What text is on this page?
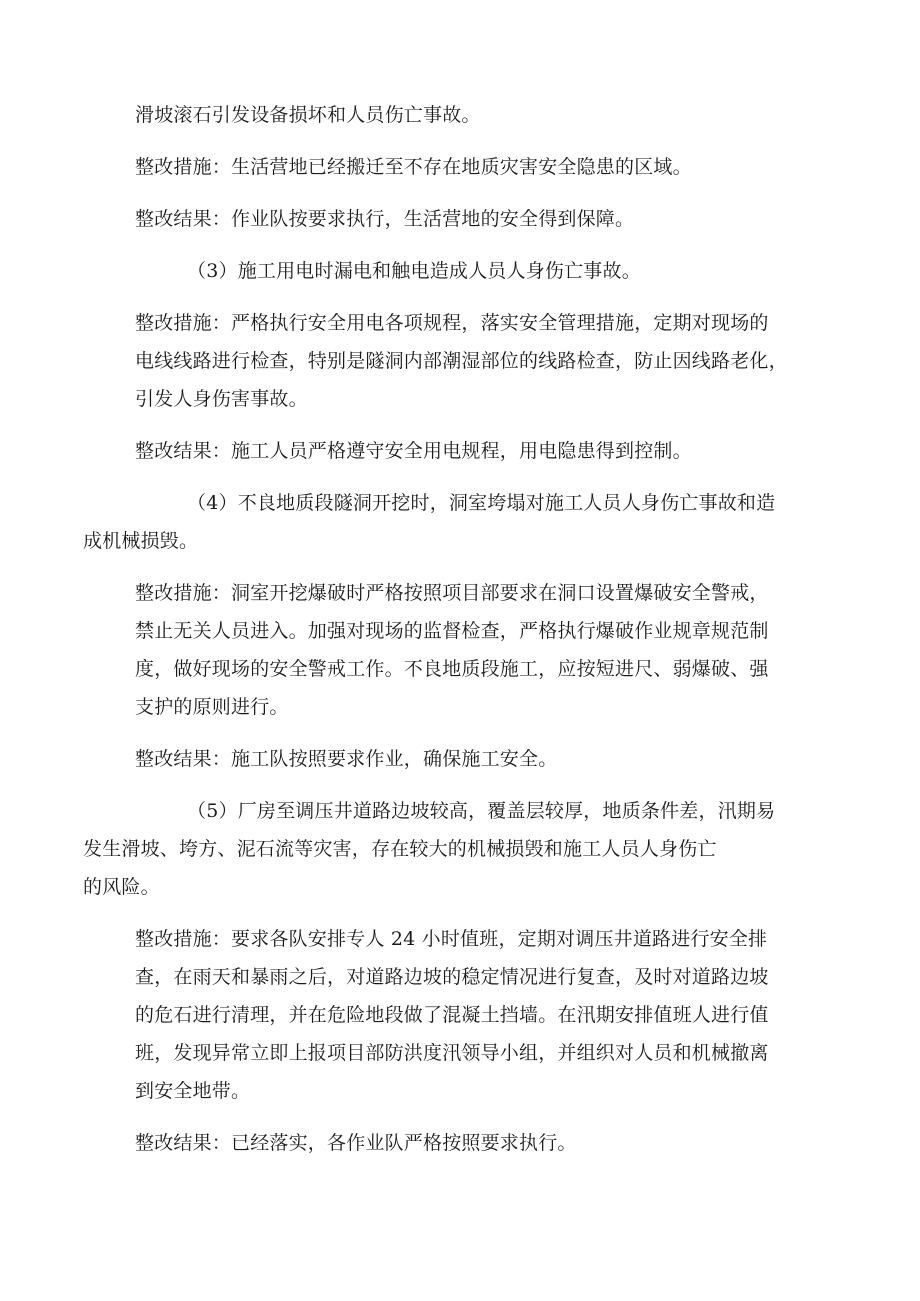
滑坡滚石引发设备损坏和人员伤亡事故。

整改措施：生活营地已经搬迁至不存在地质灾害安全隐患的区域。

整改结果：作业队按要求执行，生活营地的安全得到保障。

（3）施工用电时漏电和触电造成人员人身伤亡事故。

整改措施：严格执行安全用电各项规程，落实安全管理措施，定期对现场的
电线线路进行检查，特别是隧洞内部潮湿部位的线路检查，防止因线路老化，
引发人身伤害事故。

整改结果：施工人员严格遵守安全用电规程，用电隐患得到控制。

（4）不良地质段隧洞开挖时，洞室垮塌对施工人员人身伤亡事故和造
成机械损毁。

整改措施：洞室开挖爆破时严格按照项目部要求在洞口设置爆破安全警戒，
禁止无关人员进入。加强对现场的监督检查，严格执行爆破作业规章规范制
度，做好现场的安全警戒工作。不良地质段施工，应按短进尺、弱爆破、强
支护的原则进行。

整改结果：施工队按照要求作业，确保施工安全。

（5）厂房至调压井道路边坡较高，覆盖层较厚，地质条件差，汛期易
发生滑坡、垮方、泥石流等灾害，存在较大的机械损毁和施工人员人身伤亡
的风险。

整改措施：要求各队安排专人 24 小时值班，定期对调压井道路进行安全排
查，在雨天和暴雨之后，对道路边坡的稳定情况进行复查，及时对道路边坡
的危石进行清理，并在危险地段做了混凝土挡墙。在汛期安排值班人进行值
班，发现异常立即上报项目部防洪度汛领导小组，并组织对人员和机械撤离
到安全地带。

整改结果：已经落实，各作业队严格按照要求执行。
